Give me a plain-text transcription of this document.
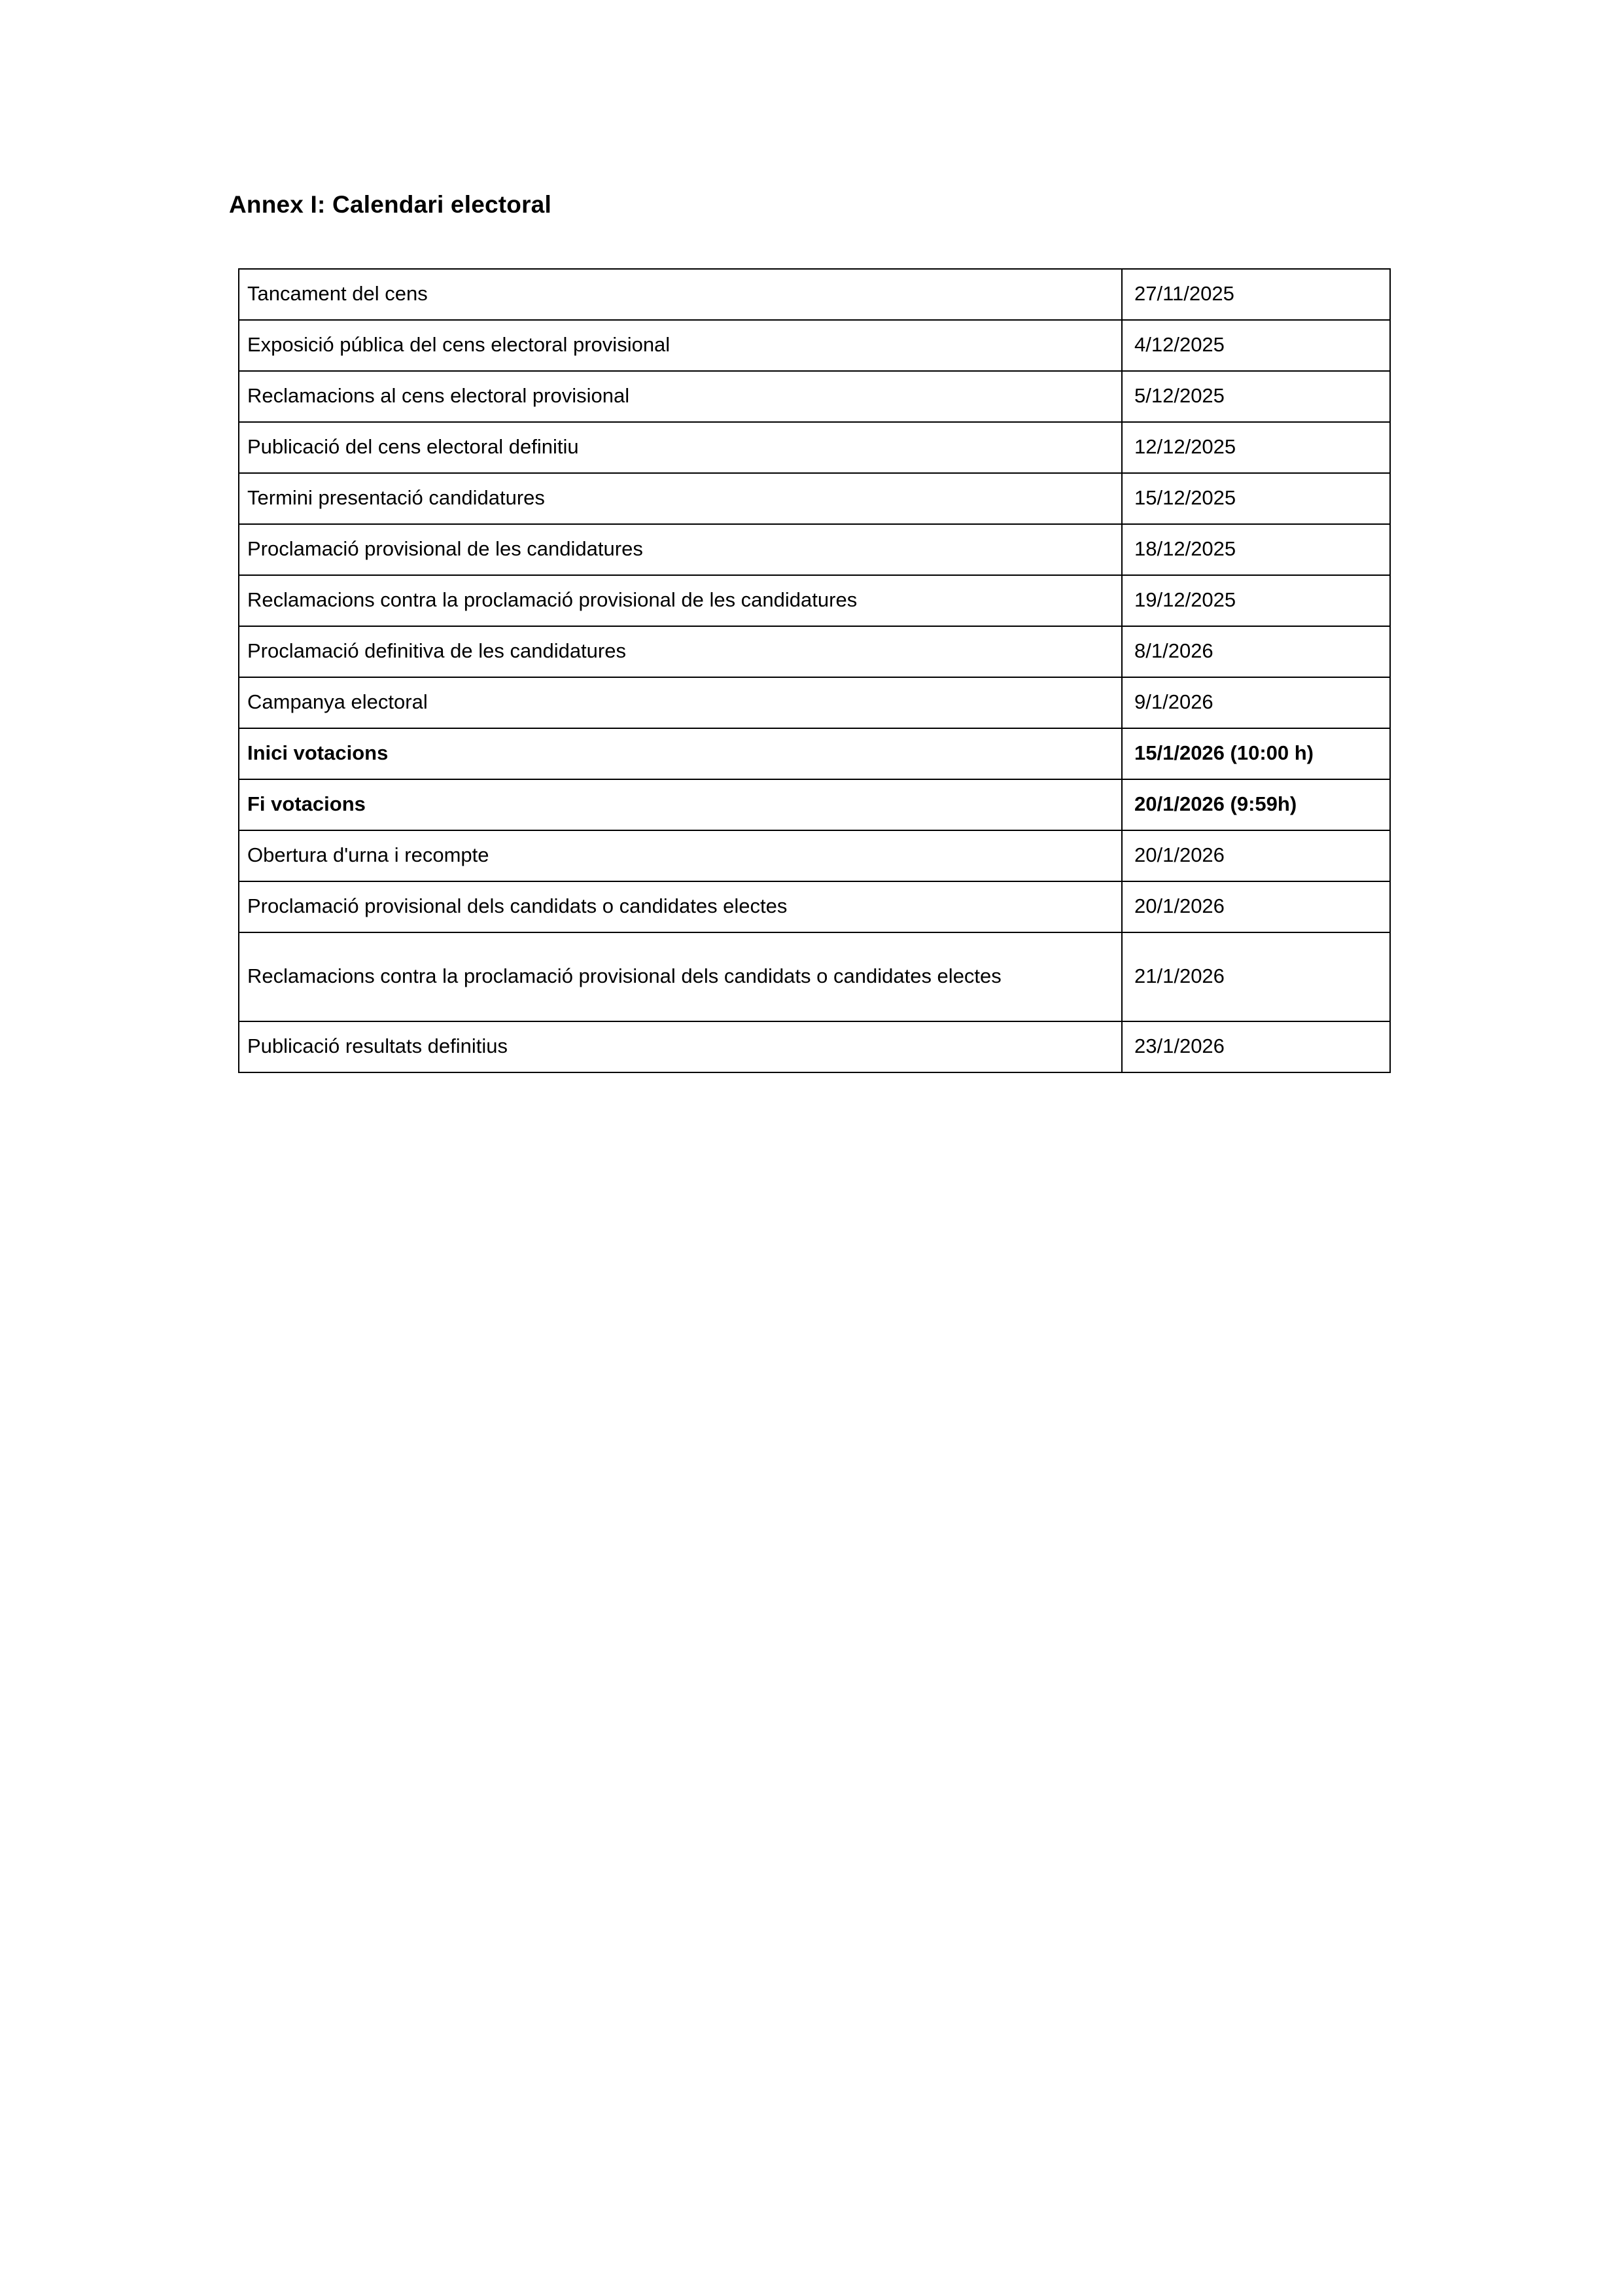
Annex I: Calendari electoral
Tancament del cens	27/11/2025
Exposició pública del cens electoral provisional	4/12/2025
Reclamacions al cens electoral provisional	5/12/2025
Publicació del cens electoral definitiu	12/12/2025
Termini presentació candidatures	15/12/2025
Proclamació provisional de les candidatures	18/12/2025
Reclamacions contra la proclamació provisional de les candidatures	19/12/2025
Proclamació definitiva de les candidatures	8/1/2026
Campanya electoral	9/1/2026
Inici votacions	15/1/2026 (10:00 h)
Fi votacions	20/1/2026 (9:59h)
Obertura d'urna i recompte	20/1/2026
Proclamació provisional dels candidats o candidates electes	20/1/2026
Reclamacions contra la proclamació provisional dels candidats o candidates electes	21/1/2026
Publicació resultats definitius	23/1/2026
